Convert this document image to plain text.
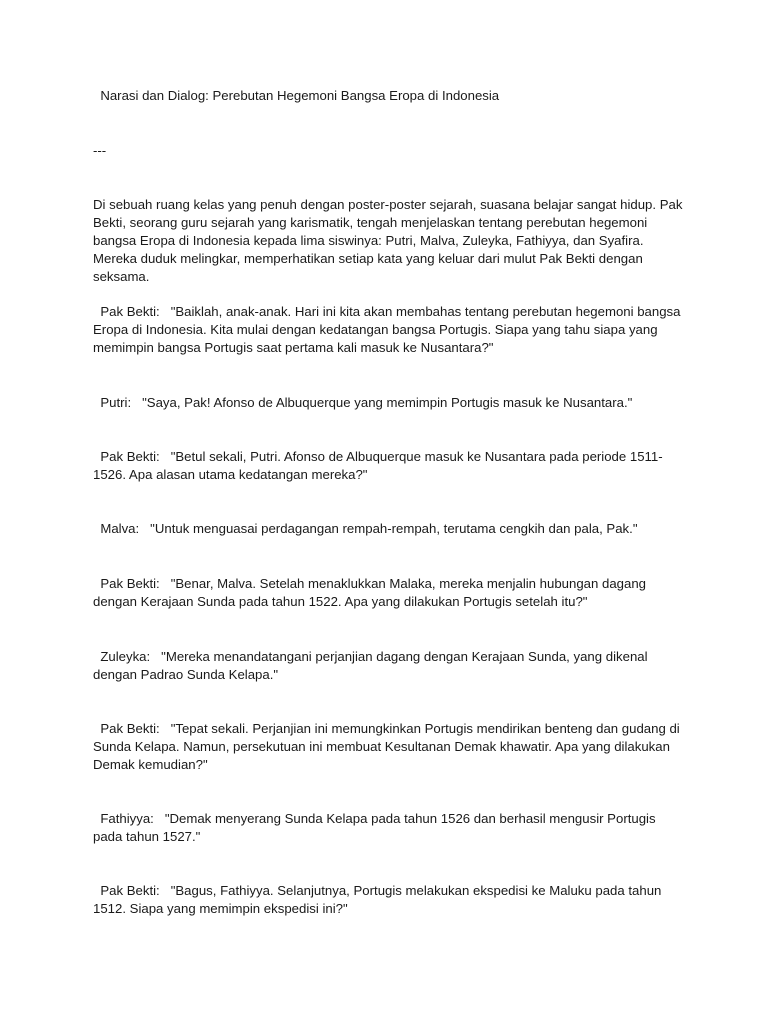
Narasi dan Dialog: Perebutan Hegemoni Bangsa Eropa di Indonesia

---

Di sebuah ruang kelas yang penuh dengan poster-poster sejarah, suasana belajar sangat hidup. Pak Bekti, seorang guru sejarah yang karismatik, tengah menjelaskan tentang perebutan hegemoni bangsa Eropa di Indonesia kepada lima siswinya: Putri, Malva, Zuleyka, Fathiyya, dan Syafira. Mereka duduk melingkar, memperhatikan setiap kata yang keluar dari mulut Pak Bekti dengan seksama.

Pak Bekti:   "Baiklah, anak-anak. Hari ini kita akan membahas tentang perebutan hegemoni bangsa Eropa di Indonesia. Kita mulai dengan kedatangan bangsa Portugis. Siapa yang tahu siapa yang memimpin bangsa Portugis saat pertama kali masuk ke Nusantara?"

Putri:   "Saya, Pak! Afonso de Albuquerque yang memimpin Portugis masuk ke Nusantara."

Pak Bekti:   "Betul sekali, Putri. Afonso de Albuquerque masuk ke Nusantara pada periode 1511-1526. Apa alasan utama kedatangan mereka?"

Malva:   "Untuk menguasai perdagangan rempah-rempah, terutama cengkih dan pala, Pak."

Pak Bekti:   "Benar, Malva. Setelah menaklukkan Malaka, mereka menjalin hubungan dagang dengan Kerajaan Sunda pada tahun 1522. Apa yang dilakukan Portugis setelah itu?"

Zuleyka:   "Mereka menandatangani perjanjian dagang dengan Kerajaan Sunda, yang dikenal dengan Padrao Sunda Kelapa."

Pak Bekti:   "Tepat sekali. Perjanjian ini memungkinkan Portugis mendirikan benteng dan gudang di Sunda Kelapa. Namun, persekutuan ini membuat Kesultanan Demak khawatir. Apa yang dilakukan Demak kemudian?"

Fathiyya:   "Demak menyerang Sunda Kelapa pada tahun 1526 dan berhasil mengusir Portugis pada tahun 1527."

Pak Bekti:   "Bagus, Fathiyya. Selanjutnya, Portugis melakukan ekspedisi ke Maluku pada tahun 1512. Siapa yang memimpin ekspedisi ini?"
